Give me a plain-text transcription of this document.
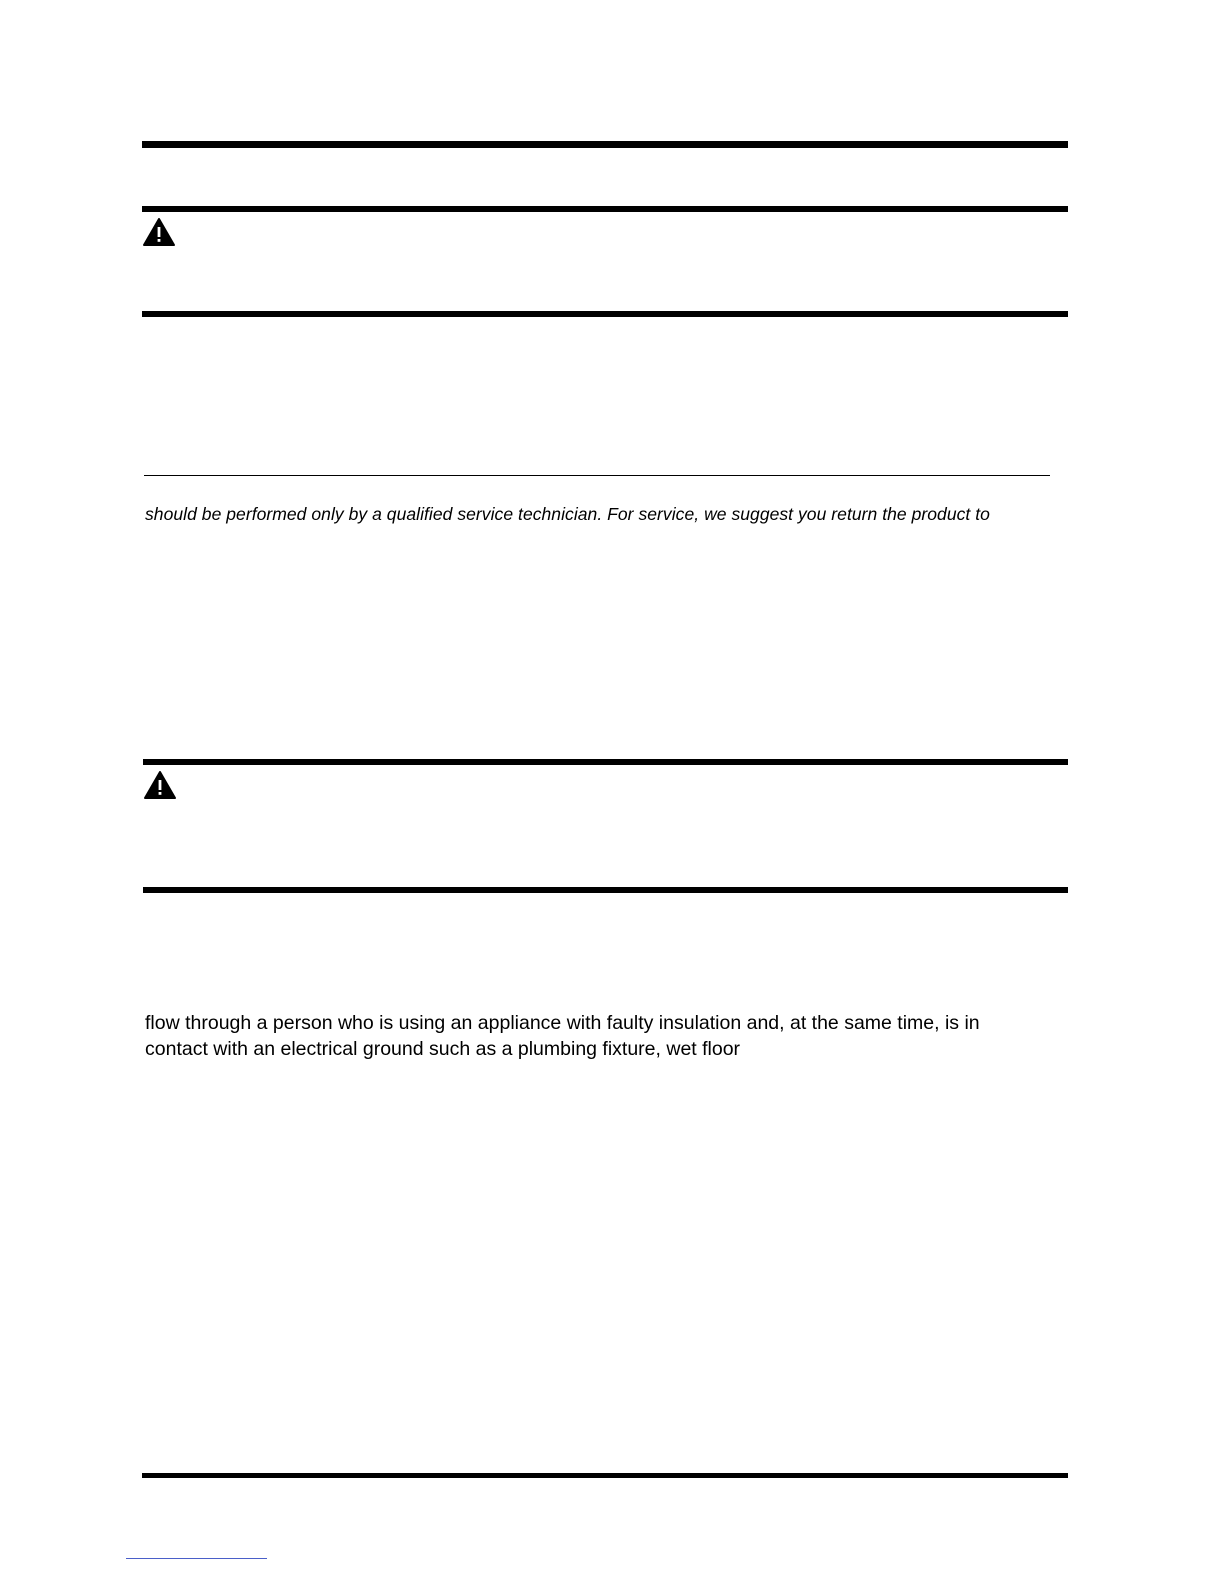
should be performed only by a qualified service technician. For service, we suggest you return the product to
flow through a person who is using an appliance with faulty insulation and, at the same time, is in
contact with an electrical ground such as a plumbing fixture, wet floor
